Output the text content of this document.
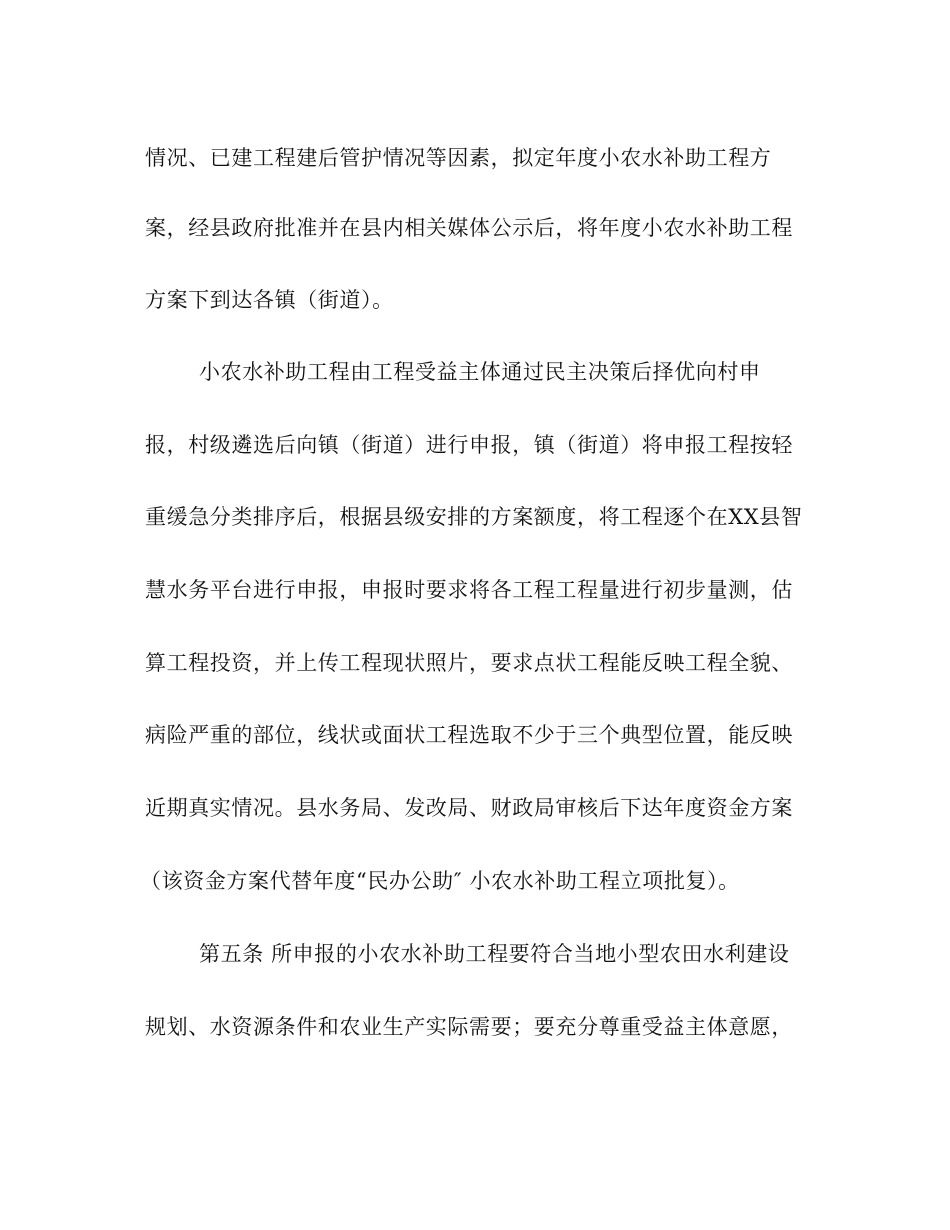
情况、已建工程建后管护情况等因素，拟定年度小农水补助工程方
案，经县政府批准并在县内相关媒体公示后，将年度小农水补助工程
方案下到达各镇（街道）。
小农水补助工程由工程受益主体通过民主决策后择优向村申
报，村级遴选后向镇（街道）进行申报，镇（街道）将申报工程按轻
重缓急分类排序后，根据县级安排的方案额度，将工程逐个在XX县智
慧水务平台进行申报，申报时要求将各工程工程量进行初步量测，估
算工程投资，并上传工程现状照片，要求点状工程能反映工程全貌、
病险严重的部位，线状或面状工程选取不少于三个典型位置，能反映
近期真实情况。县水务局、发改局、财政局审核后下达年度资金方案
（该资金方案代替年度“民办公助″ 小农水补助工程立项批复）。
第五条 所申报的小农水补助工程要符合当地小型农田水利建设
规划、水资源条件和农业生产实际需要；要充分尊重受益主体意愿，
